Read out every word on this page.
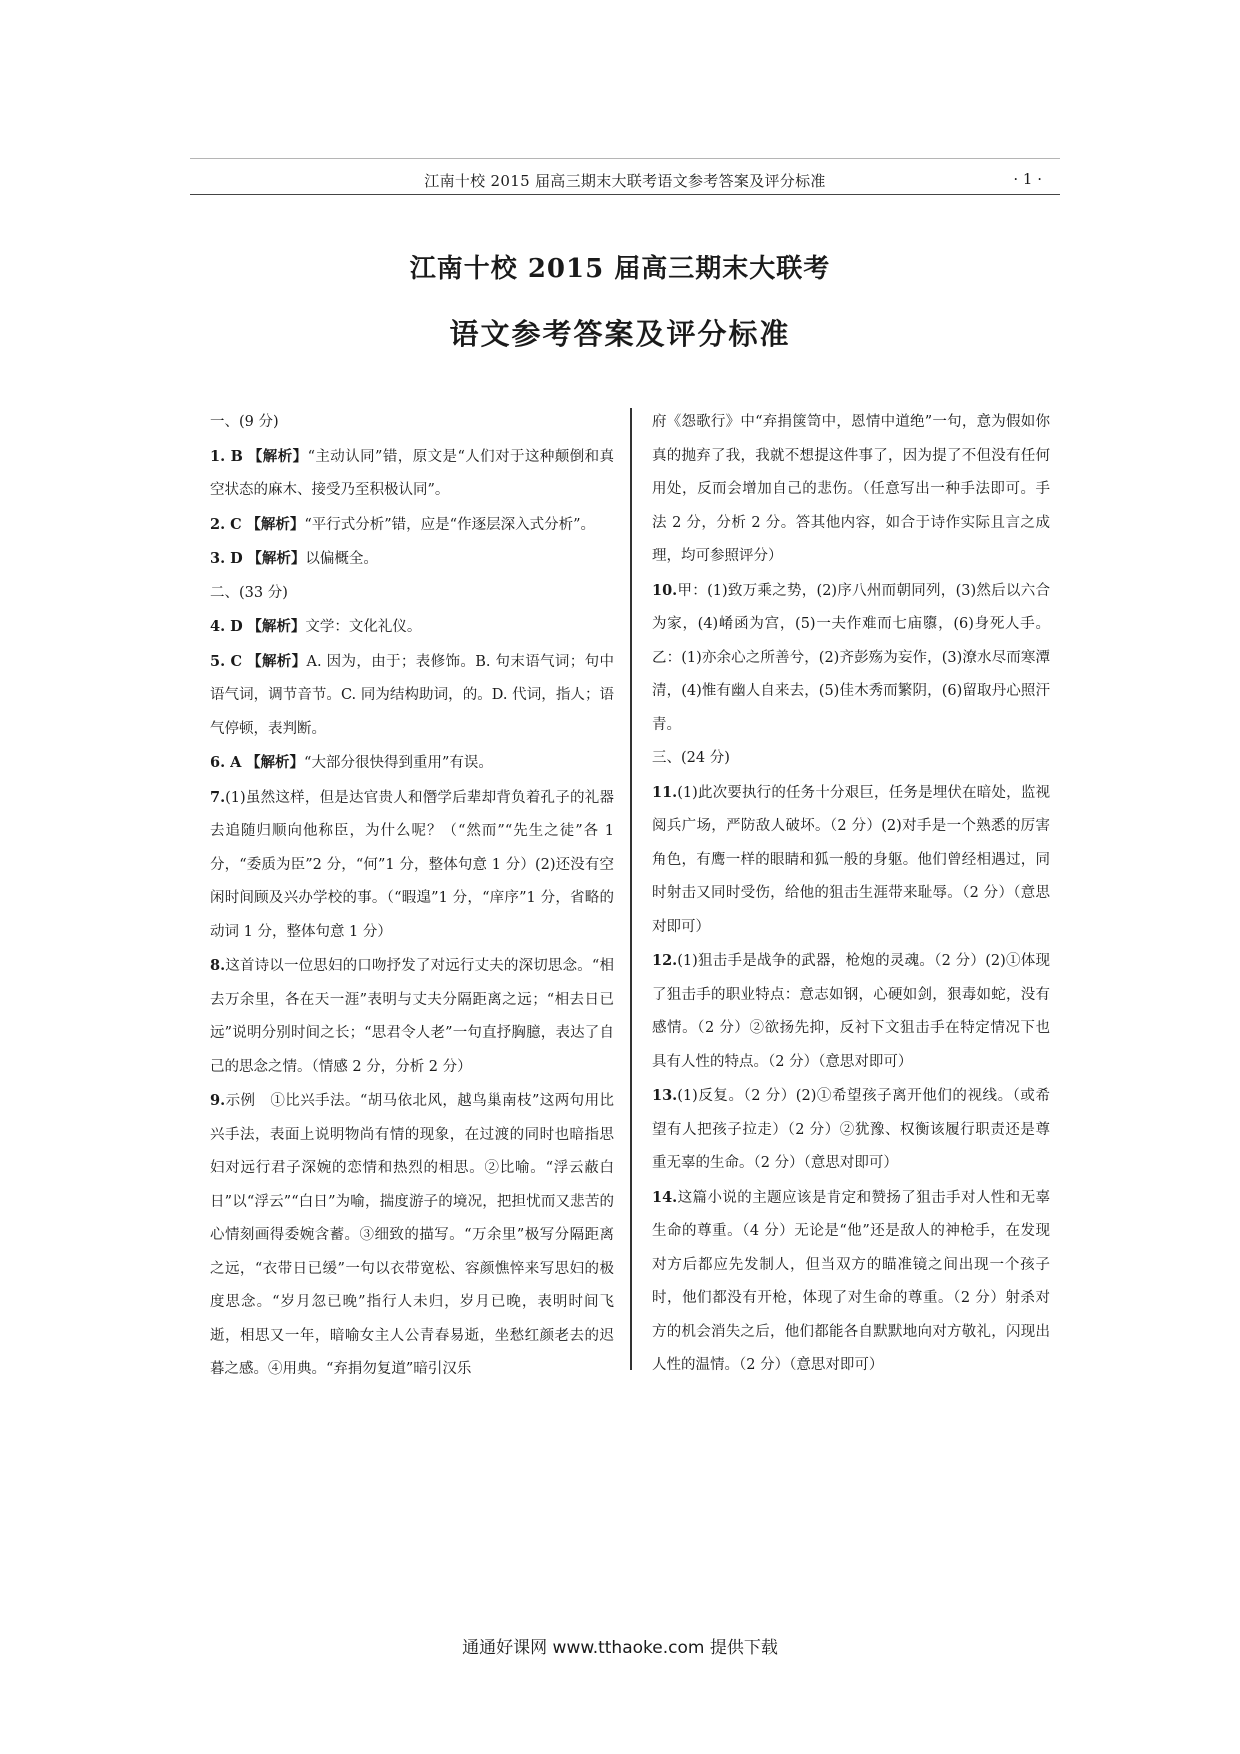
江南十校 2015 届高三期末大联考语文参考答案及评分标准	· 1 ·
江南十校 2015 届高三期末大联考
语文参考答案及评分标准

一、(9 分)

1. B 【解析】“主动认同”错，原文是“人们对于这种颠倒和真空状态的麻木、接受乃至积极认同”。

2. C 【解析】“平行式分析”错，应是“作逐层深入式分析”。

3. D 【解析】以偏概全。

二、(33 分)

4. D 【解析】文学：文化礼仪。

5. C 【解析】A. 因为，由于；表修饰。B. 句末语气词；句中语气词，调节音节。C. 同为结构助词，的。D. 代词，指人；语气停顿，表判断。

6. A 【解析】“大部分很快得到重用”有误。

7.(1)虽然这样，但是达官贵人和僭学后辈却背负着孔子的礼器去追随归顺向他称臣，为什么呢？（“然而”“先生之徒”各 1 分，“委质为臣”2 分，“何”1 分，整体句意 1 分）(2)还没有空闲时间顾及兴办学校的事。（“暇遑”1 分，“庠序”1 分，省略的动词 1 分，整体句意 1 分）

8.这首诗以一位思妇的口吻抒发了对远行丈夫的深切思念。“相去万余里，各在天一涯”表明与丈夫分隔距离之远；“相去日已远”说明分别时间之长；“思君令人老”一句直抒胸臆，表达了自己的思念之情。（情感 2 分，分析 2 分）

9.示例　①比兴手法。“胡马依北风，越鸟巢南枝”这两句用比兴手法，表面上说明物尚有情的现象，在过渡的同时也暗指思妇对远行君子深婉的恋情和热烈的相思。②比喻。“浮云蔽白日”以“浮云”“白日”为喻，揣度游子的境况，把担忧而又悲苦的心情刻画得委婉含蓄。③细致的描写。“万余里”极写分隔距离之远，“衣带日已缓”一句以衣带宽松、容颜憔悴来写思妇的极度思念。“岁月忽已晚”指行人未归，岁月已晚，表明时间飞逝，相思又一年，暗喻女主人公青春易逝，坐愁红颜老去的迟暮之感。④用典。“弃捐勿复道”暗引汉乐

府《怨歌行》中“弃捐箧笥中，恩情中道绝”一句，意为假如你真的抛弃了我，我就不想提这件事了，因为提了不但没有任何用处，反而会增加自己的悲伤。（任意写出一种手法即可。手法 2 分，分析 2 分。答其他内容，如合于诗作实际且言之成理，均可参照评分）

10.甲：(1)致万乘之势，(2)序八州而朝同列，(3)然后以六合为家，(4)崤函为宫，(5)一夫作难而七庙隳，(6)身死人手。乙：(1)亦余心之所善兮，(2)齐彭殇为妄作，(3)潦水尽而寒潭清，(4)惟有幽人自来去，(5)佳木秀而繁阴，(6)留取丹心照汗青。

三、(24 分)

11.(1)此次要执行的任务十分艰巨，任务是埋伏在暗处，监视阅兵广场，严防敌人破坏。（2 分）(2)对手是一个熟悉的厉害角色，有鹰一样的眼睛和狐一般的身躯。他们曾经相遇过，同时射击又同时受伤，给他的狙击生涯带来耻辱。（2 分）（意思对即可）

12.(1)狙击手是战争的武器，枪炮的灵魂。（2 分）(2)①体现了狙击手的职业特点：意志如钢，心硬如剑，狠毒如蛇，没有感情。（2 分）②欲扬先抑，反衬下文狙击手在特定情况下也具有人性的特点。（2 分）（意思对即可）

13.(1)反复。（2 分）(2)①希望孩子离开他们的视线。（或希望有人把孩子拉走）（2 分）②犹豫、权衡该履行职责还是尊重无辜的生命。（2 分）（意思对即可）

14.这篇小说的主题应该是肯定和赞扬了狙击手对人性和无辜生命的尊重。（4 分）无论是“他”还是敌人的神枪手，在发现对方后都应先发制人，但当双方的瞄准镜之间出现一个孩子时，他们都没有开枪，体现了对生命的尊重。（2 分）射杀对方的机会消失之后，他们都能各自默默地向对方敬礼，闪现出人性的温情。（2 分）（意思对即可）

通通好课网 www.tthaoke.com 提供下载
